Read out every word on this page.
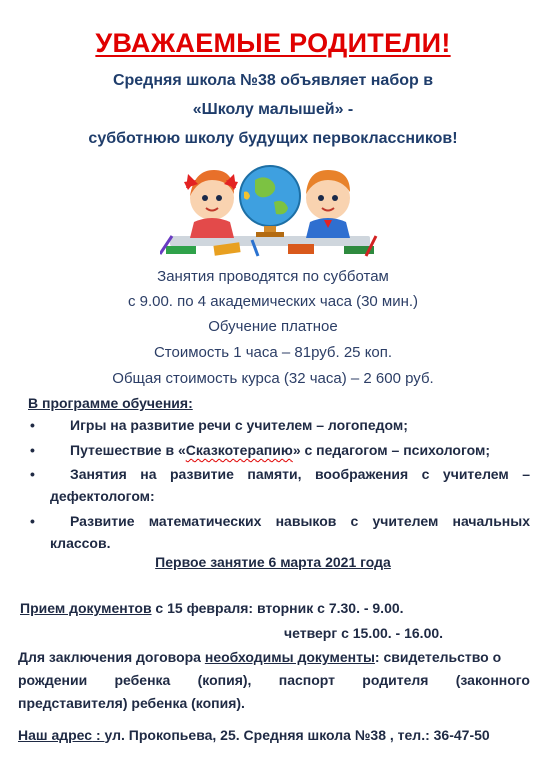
УВАЖАЕМЫЕ РОДИТЕЛИ!
Средняя школа №38 объявляет набор в
«Школу малышей» -
субботнюю школу будущих первоклассников!
Занятия проводятся по субботам
с 9.00. по 4 академических часа (30 мин.)
Обучение платное
Стоимость 1 часа – 81руб. 25 коп.
Общая стоимость курса (32 часа) – 2 600 руб.
В программе обучения:
•	Игры на развитие речи с учителем – логопедом;
•	Путешествие в «Сказкотерапию» с педагогом – психологом;
•	Занятия на развитие памяти, воображения с учителем –
дефектологом:
•	Развитие математических навыков с учителем начальных
классов.
Первое занятие 6 марта 2021 года
Прием документов с 15 февраля: вторник с 7.30. - 9.00.
четверг с 15.00. - 16.00.
Для заключения договора необходимы документы: свидетельство о
рождении ребенка (копия), паспорт родителя (законного
представителя) ребенка (копия).
Наш адрес : ул. Прокопьева, 25. Средняя школа №38 , тел.: 36-47-50
